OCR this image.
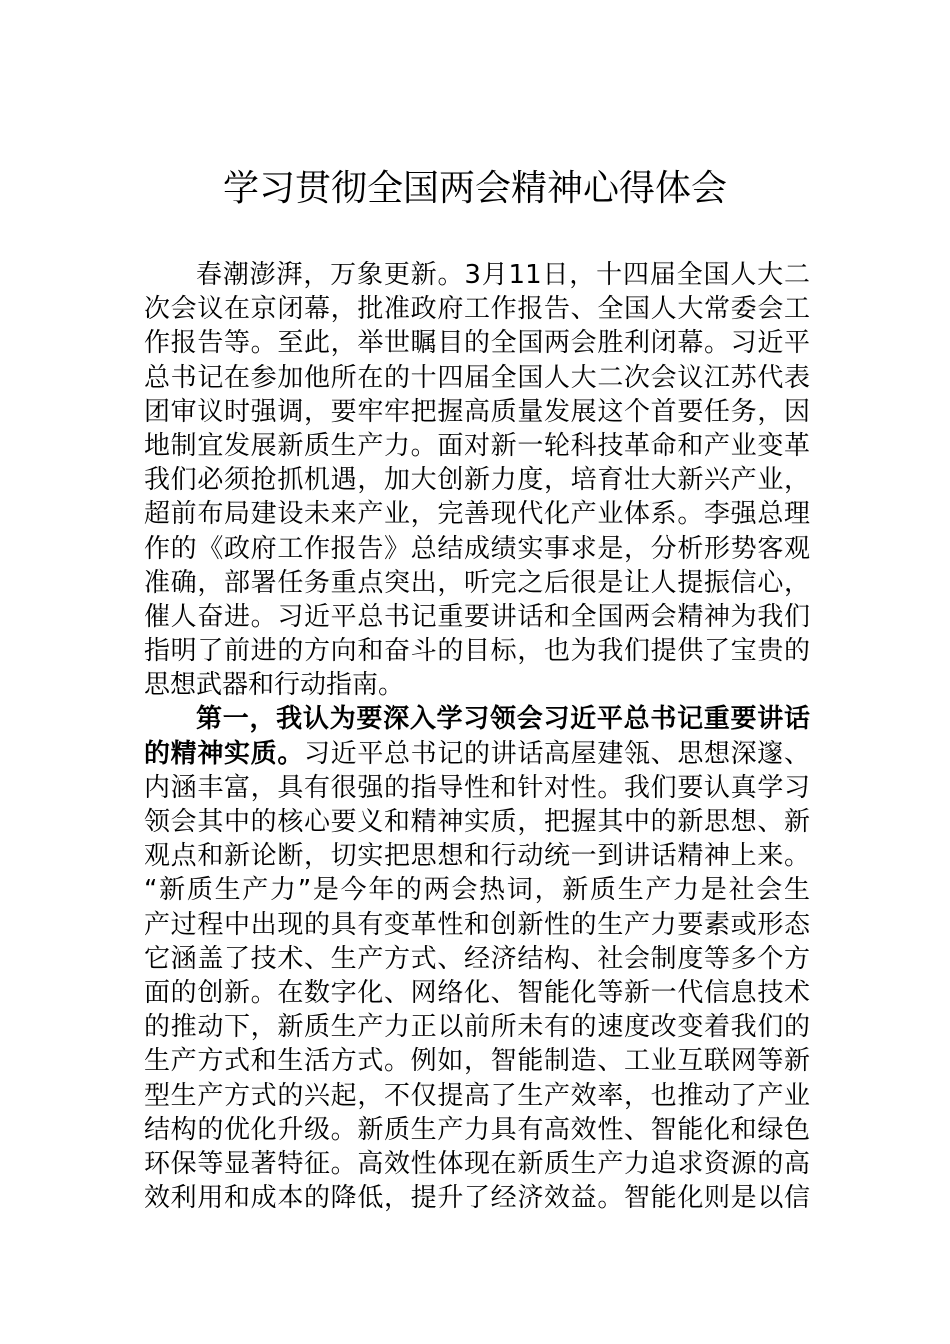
学习贯彻全国两会精神心得体会
春潮澎湃，万象更新。3月11日，十四届全国人大二
次会议在京闭幕，批准政府工作报告、全国人大常委会工
作报告等。至此，举世瞩目的全国两会胜利闭幕。习近平
总书记在参加他所在的十四届全国人大二次会议江苏代表
团审议时强调，要牢牢把握高质量发展这个首要任务，因
地制宜发展新质生产力。面对新一轮科技革命和产业变革
我们必须抢抓机遇，加大创新力度，培育壮大新兴产业，
超前布局建设未来产业，完善现代化产业体系。李强总理
作的《政府工作报告》总结成绩实事求是，分析形势客观
准确，部署任务重点突出，听完之后很是让人提振信心，
催人奋进。习近平总书记重要讲话和全国两会精神为我们
指明了前进的方向和奋斗的目标，也为我们提供了宝贵的
思想武器和行动指南。
第一，我认为要深入学习领会习近平总书记重要讲话
的精神实质。习近平总书记的讲话高屋建瓴、思想深邃、
内涵丰富，具有很强的指导性和针对性。我们要认真学习
领会其中的核心要义和精神实质，把握其中的新思想、新
观点和新论断，切实把思想和行动统一到讲话精神上来。
“新质生产力”是今年的两会热词，新质生产力是社会生
产过程中出现的具有变革性和创新性的生产力要素或形态
它涵盖了技术、生产方式、经济结构、社会制度等多个方
面的创新。在数字化、网络化、智能化等新一代信息技术
的推动下，新质生产力正以前所未有的速度改变着我们的
生产方式和生活方式。例如，智能制造、工业互联网等新
型生产方式的兴起，不仅提高了生产效率，也推动了产业
结构的优化升级。新质生产力具有高效性、智能化和绿色
环保等显著特征。高效性体现在新质生产力追求资源的高
效利用和成本的降低，提升了经济效益。智能化则是以信
